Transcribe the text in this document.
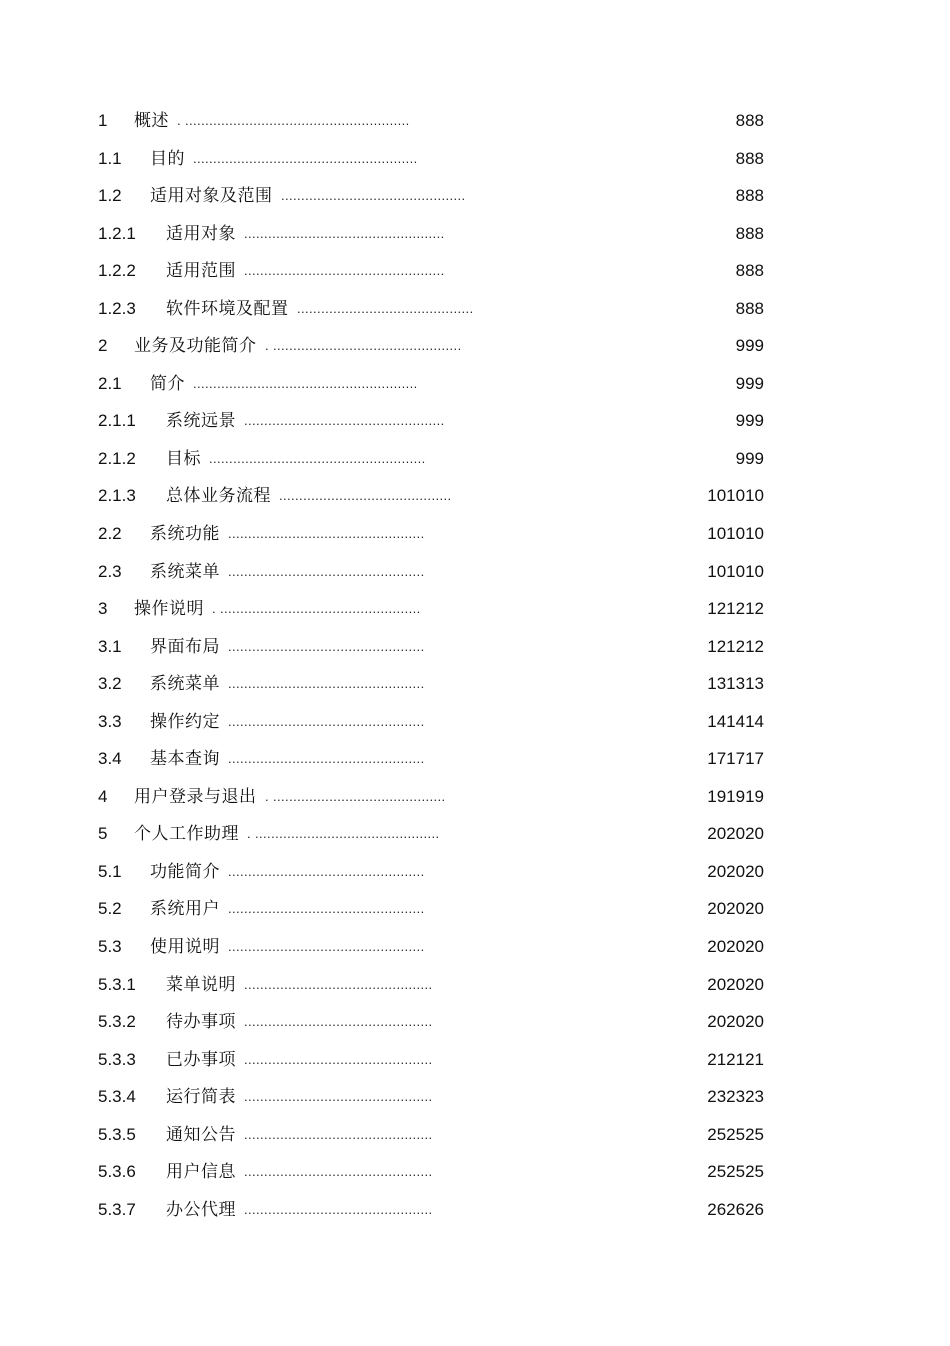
1 概述 . ........................................................	888
1.1 目的 ........................................................	888
1.2 适用对象及范围 ..............................................	888
1.2.1 适用对象 ..................................................	888
1.2.2 适用范围 ..................................................	888
1.2.3 软件环境及配置 ............................................	888
2 业务及功能简介 . ...............................................	999
2.1 简介 ........................................................	999
2.1.1 系统远景 ..................................................	999
2.1.2 目标 ......................................................	999
2.1.3 总体业务流程 ...........................................	101010
2.2 系统功能 .................................................	101010
2.3 系统菜单 .................................................	101010
3 操作说明 . ..................................................	121212
3.1 界面布局 .................................................	121212
3.2 系统菜单 .................................................	131313
3.3 操作约定 .................................................	141414
3.4 基本查询 .................................................	171717
4 用户登录与退出 . ...........................................	191919
5 个人工作助理 . ..............................................	202020
5.1 功能简介 .................................................	202020
5.2 系统用户 .................................................	202020
5.3 使用说明 .................................................	202020
5.3.1 菜单说明 ...............................................	202020
5.3.2 待办事项 ...............................................	202020
5.3.3 已办事项 ...............................................	212121
5.3.4 运行简表 ...............................................	232323
5.3.5 通知公告 ...............................................	252525
5.3.6 用户信息 ...............................................	252525
5.3.7 办公代理 ...............................................	262626
